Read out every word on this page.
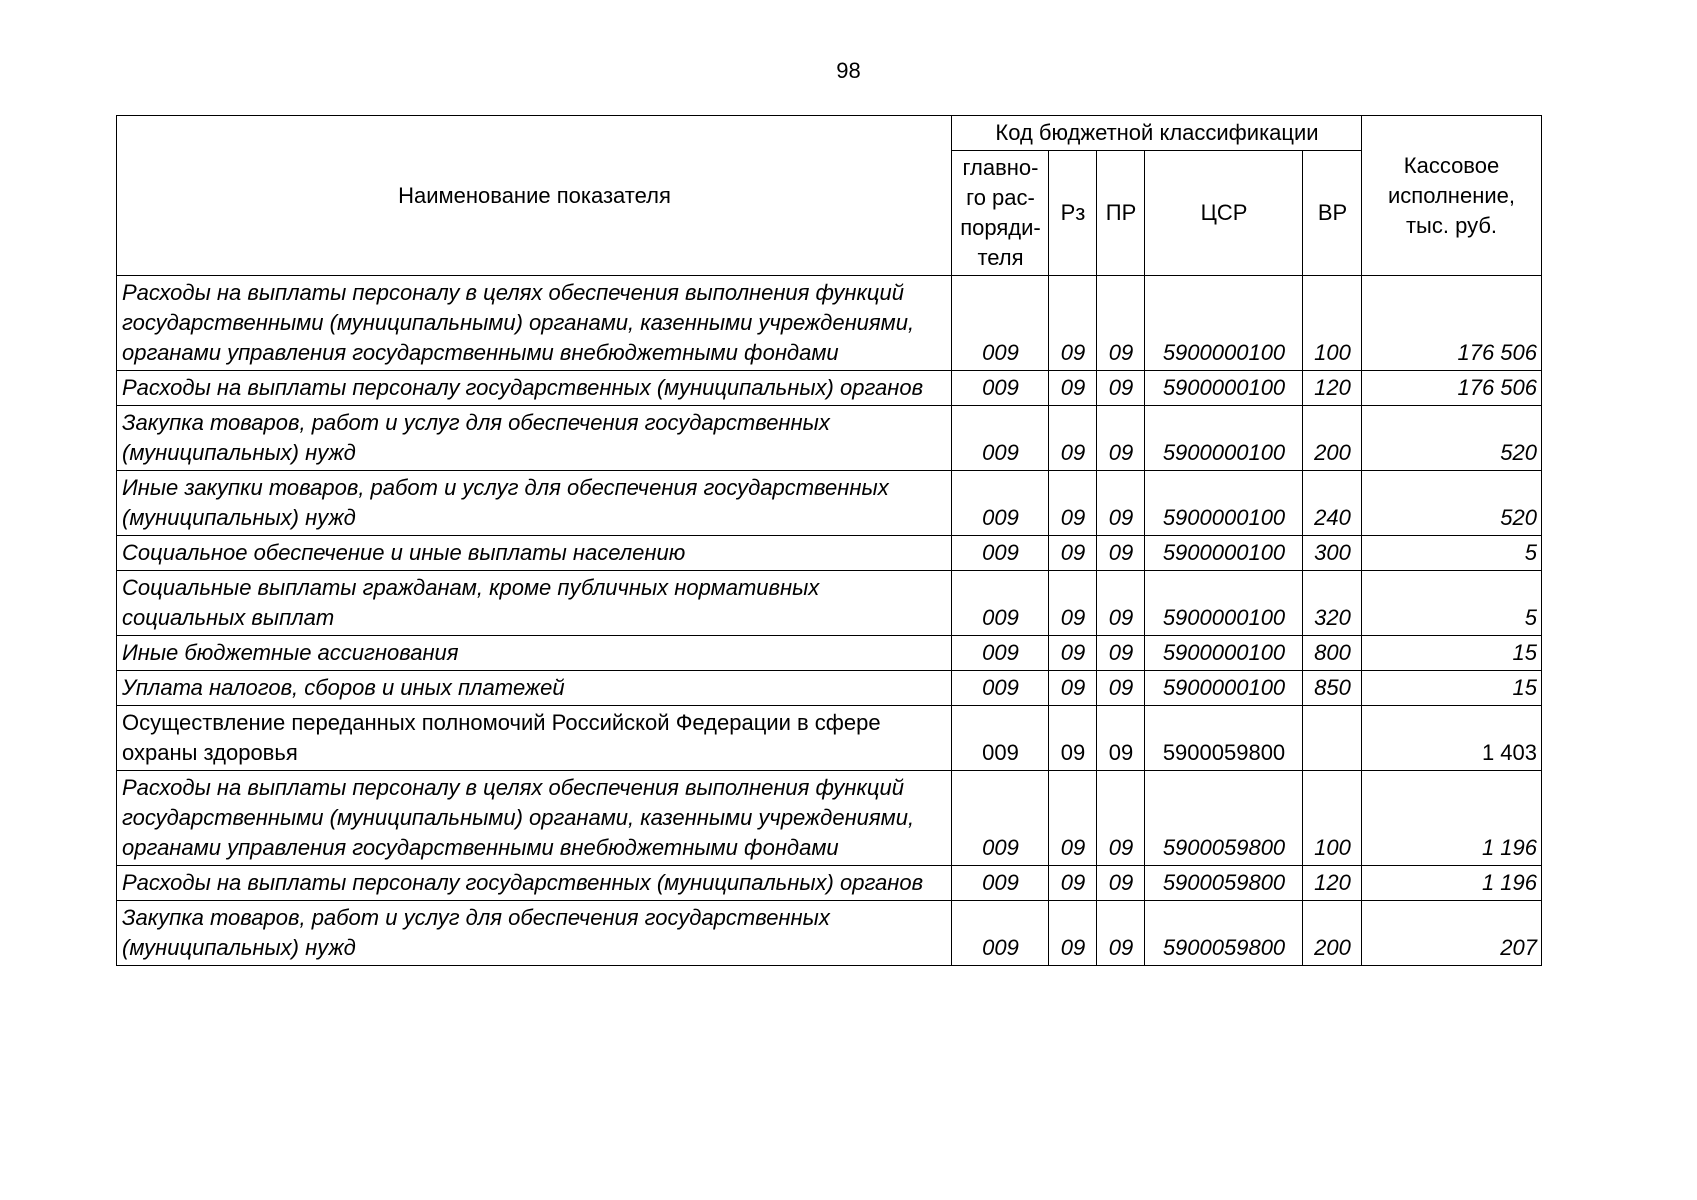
98
Наименование показателя	Код бюджетной классификации					Кассовое исполнение, тыс. руб.
	главно-го рас-поряди-теля	Рз	ПР	ЦСР	ВР	
Расходы на выплаты персоналу в целях обеспечения выполнения функций государственными (муниципальными) органами, казенными учреждениями, органами управления государственными внебюджетными фондами	009	09	09	5900000100	100	176 506
Расходы на выплаты персоналу государственных (муниципальных) органов	009	09	09	5900000100	120	176 506
Закупка товаров, работ и услуг для обеспечения государственных (муниципальных) нужд	009	09	09	5900000100	200	520
Иные закупки товаров, работ и услуг для обеспечения государственных (муниципальных) нужд	009	09	09	5900000100	240	520
Социальное обеспечение и иные выплаты населению	009	09	09	5900000100	300	5
Социальные выплаты гражданам, кроме публичных нормативных социальных выплат	009	09	09	5900000100	320	5
Иные бюджетные ассигнования	009	09	09	5900000100	800	15
Уплата налогов, сборов и иных платежей	009	09	09	5900000100	850	15
Осуществление переданных полномочий Российской Федерации в сфере охраны здоровья	009	09	09	5900059800		1 403
Расходы на выплаты персоналу в целях обеспечения выполнения функций государственными (муниципальными) органами, казенными учреждениями, органами управления государственными внебюджетными фондами	009	09	09	5900059800	100	1 196
Расходы на выплаты персоналу государственных (муниципальных) органов	009	09	09	5900059800	120	1 196
Закупка товаров, работ и услуг для обеспечения государственных (муниципальных) нужд	009	09	09	5900059800	200	207
